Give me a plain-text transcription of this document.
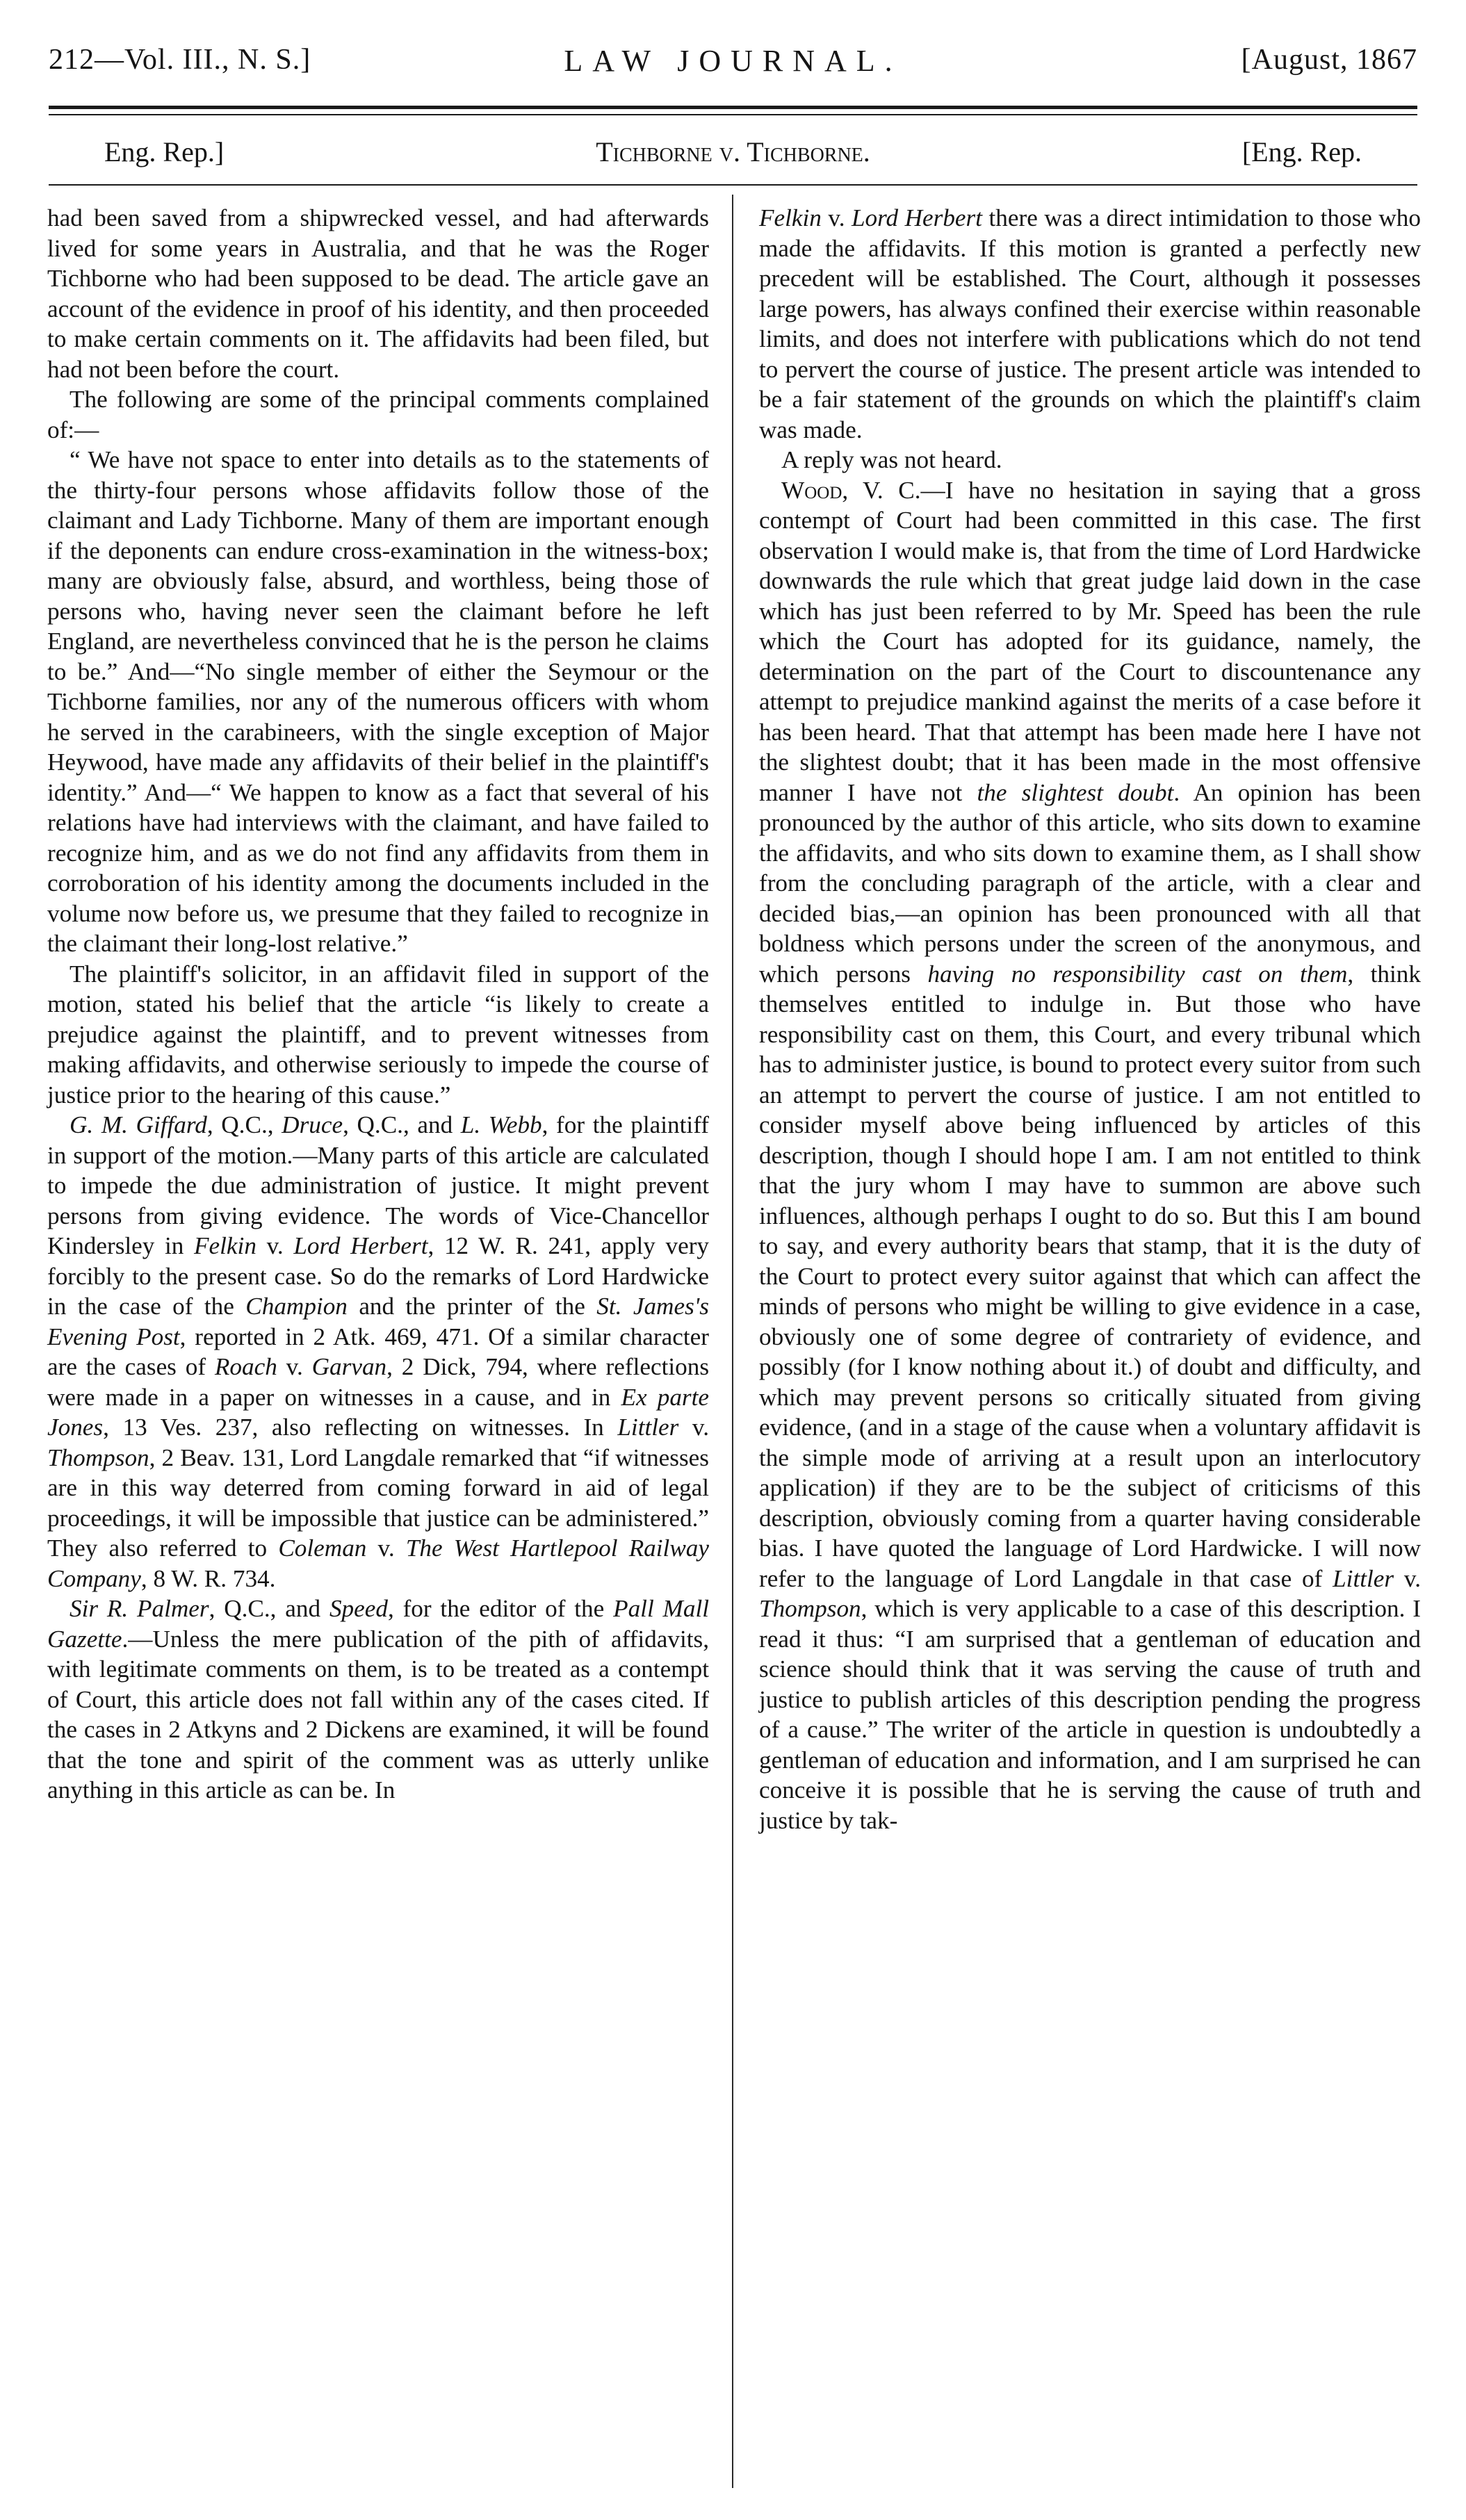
212—Vol. III., N. S.]	LAW JOURNAL.	[August, 1867
Eng. Rep.]	Tichborne v. Tichborne.	[Eng. Rep.

had been saved from a shipwrecked vessel, and had afterwards lived for some years in Australia, and that he was the Roger Tichborne who had been supposed to be dead. The article gave an account of the evidence in proof of his identity, and then proceeded to make certain comments on it. The affidavits had been filed, but had not been before the court.

The following are some of the principal comments complained of:—

“ We have not space to enter into details as to the statements of the thirty-four persons whose affidavits follow those of the claimant and Lady Tichborne. Many of them are important enough if the deponents can endure cross-examination in the witness-box; many are obviously false, absurd, and worthless, being those of persons who, having never seen the claimant before he left England, are nevertheless convinced that he is the person he claims to be.” And—“No single member of either the Seymour or the Tichborne families, nor any of the numerous officers with whom he served in the carabineers, with the single exception of Major Heywood, have made any affidavits of their belief in the plaintiff's identity.” And—“ We happen to know as a fact that several of his relations have had interviews with the claimant, and have failed to recognize him, and as we do not find any affidavits from them in corroboration of his identity among the documents included in the volume now before us, we presume that they failed to recognize in the claimant their long-lost relative.”

The plaintiff's solicitor, in an affidavit filed in support of the motion, stated his belief that the article “is likely to create a prejudice against the plaintiff, and to prevent witnesses from making affidavits, and otherwise seriously to impede the course of justice prior to the hearing of this cause.”

G. M. Giffard, Q.C., Druce, Q.C., and L. Webb, for the plaintiff in support of the motion.—Many parts of this article are calculated to impede the due administration of justice. It might prevent persons from giving evidence. The words of Vice-Chancellor Kindersley in Felkin v. Lord Herbert, 12 W. R. 241, apply very forcibly to the present case. So do the remarks of Lord Hardwicke in the case of the Champion and the printer of the St. James's Evening Post, reported in 2 Atk. 469, 471. Of a similar character are the cases of Roach v. Garvan, 2 Dick, 794, where reflections were made in a paper on witnesses in a cause, and in Ex parte Jones, 13 Ves. 237, also reflecting on witnesses. In Littler v. Thompson, 2 Beav. 131, Lord Langdale remarked that “if witnesses are in this way deterred from coming forward in aid of legal proceedings, it will be impossible that justice can be administered.” They also referred to Coleman v. The West Hartlepool Railway Company, 8 W. R. 734.

Sir R. Palmer, Q.C., and Speed, for the editor of the Pall Mall Gazette.—Unless the mere publication of the pith of affidavits, with legitimate comments on them, is to be treated as a contempt of Court, this article does not fall within any of the cases cited. If the cases in 2 Atkyns and 2 Dickens are examined, it will be found that the tone and spirit of the comment was as utterly unlike anything in this article as can be. In

Felkin v. Lord Herbert there was a direct intimidation to those who made the affidavits. If this motion is granted a perfectly new precedent will be established. The Court, although it possesses large powers, has always confined their exercise within reasonable limits, and does not interfere with publications which do not tend to pervert the course of justice. The present article was intended to be a fair statement of the grounds on which the plaintiff's claim was made.

A reply was not heard.

Wood, V. C.—I have no hesitation in saying that a gross contempt of Court had been committed in this case. The first observation I would make is, that from the time of Lord Hardwicke downwards the rule which that great judge laid down in the case which has just been referred to by Mr. Speed has been the rule which the Court has adopted for its guidance, namely, the determination on the part of the Court to discountenance any attempt to prejudice mankind against the merits of a case before it has been heard. That that attempt has been made here I have not the slightest doubt; that it has been made in the most offensive manner I have not the slightest doubt. An opinion has been pronounced by the author of this article, who sits down to examine the affidavits, and who sits down to examine them, as I shall show from the concluding paragraph of the article, with a clear and decided bias,—an opinion has been pronounced with all that boldness which persons under the screen of the anonymous, and which persons having no responsibility cast on them, think themselves entitled to indulge in. But those who have responsibility cast on them, this Court, and every tribunal which has to administer justice, is bound to protect every suitor from such an attempt to pervert the course of justice. I am not entitled to consider myself above being influenced by articles of this description, though I should hope I am. I am not entitled to think that the jury whom I may have to summon are above such influences, although perhaps I ought to do so. But this I am bound to say, and every authority bears that stamp, that it is the duty of the Court to protect every suitor against that which can affect the minds of persons who might be willing to give evidence in a case, obviously one of some degree of contrariety of evidence, and possibly (for I know nothing about it.) of doubt and difficulty, and which may prevent persons so critically situated from giving evidence, (and in a stage of the cause when a voluntary affidavit is the simple mode of arriving at a result upon an interlocutory application) if they are to be the subject of criticisms of this description, obviously coming from a quarter having considerable bias. I have quoted the language of Lord Hardwicke. I will now refer to the language of Lord Langdale in that case of Littler v. Thompson, which is very applicable to a case of this description. I read it thus: “I am surprised that a gentleman of education and science should think that it was serving the cause of truth and justice to publish articles of this description pending the progress of a cause.” The writer of the article in question is undoubtedly a gentleman of education and information, and I am surprised he can conceive it is possible that he is serving the cause of truth and justice by tak-
